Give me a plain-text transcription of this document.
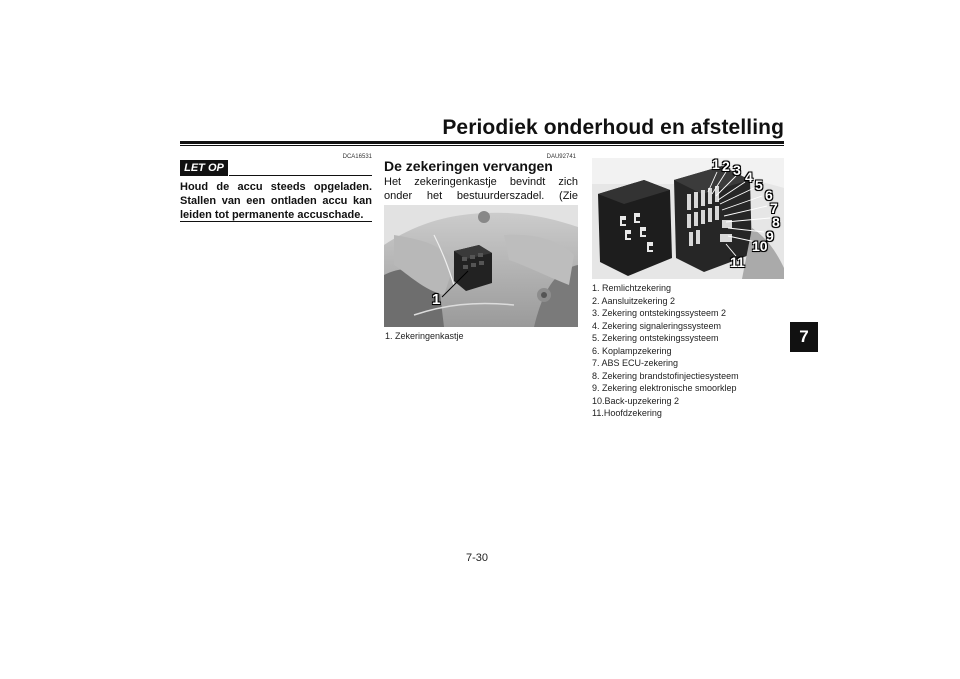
Periodiek onderhoud en afstelling
7
DCA16531
LET OP
Houd de accu steeds opgeladen. Stallen van een ontladen accu kan leiden tot permanente accuschade.
DAU92741
De zekeringen vervangen
Het zekeringenkastje bevindt zich onder het bestuurderszadel. (Zie
1
1. Zekeringenkastje
1 2 3 4 5
6
7
8
9
10
11
1. Remlichtzekering
2. Aansluitzekering 2
3. Zekering ontstekingssysteem 2
4. Zekering signaleringssysteem
5. Zekering ontstekingssysteem
6. Koplampzekering
7. ABS ECU-zekering
8. Zekering brandstofinjectiesysteem
9. Zekering elektronische smoorklep
10.Back-upzekering 2
11.Hoofdzekering
7-30
